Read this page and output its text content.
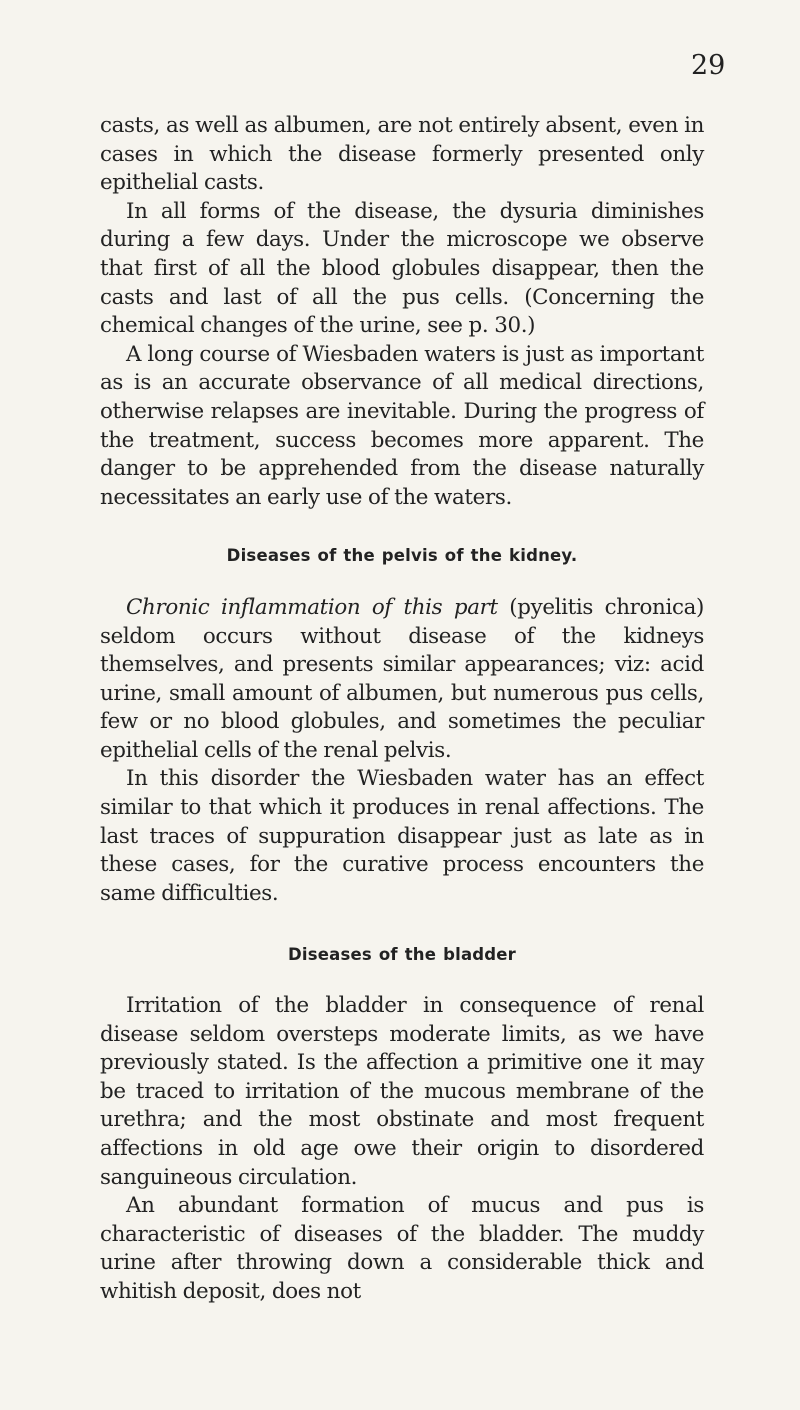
29

casts, as well as albumen, are not entirely absent, even in cases in which the disease formerly presented only epithelial casts.

In all forms of the disease, the dysuria diminishes during a few days. Under the microscope we observe that first of all the blood globules disappear, then the casts and last of all the pus cells. (Concerning the chemical changes of the urine, see p. 30.)

A long course of Wiesbaden waters is just as important as is an accurate observance of all medical directions, otherwise relapses are inevitable. During the progress of the treatment, success becomes more apparent. The danger to be apprehended from the disease naturally necessitates an early use of the waters.

Diseases of the pelvis of the kidney.

Chronic inflammation of this part (pyelitis chronica) seldom occurs without disease of the kidneys themselves, and presents similar appearances; viz: acid urine, small amount of albumen, but numerous pus cells, few or no blood globules, and sometimes the peculiar epithelial cells of the renal pelvis.

In this disorder the Wiesbaden water has an effect similar to that which it produces in renal affections. The last traces of suppuration disappear just as late as in these cases, for the curative process encounters the same difficulties.

Diseases of the bladder

Irritation of the bladder in consequence of renal disease seldom oversteps moderate limits, as we have previously stated. Is the affection a primitive one it may be traced to irritation of the mucous membrane of the urethra; and the most obstinate and most frequent affections in old age owe their origin to disordered sanguineous circulation.

An abundant formation of mucus and pus is characteristic of diseases of the bladder. The muddy urine after throwing down a considerable thick and whitish deposit, does not
